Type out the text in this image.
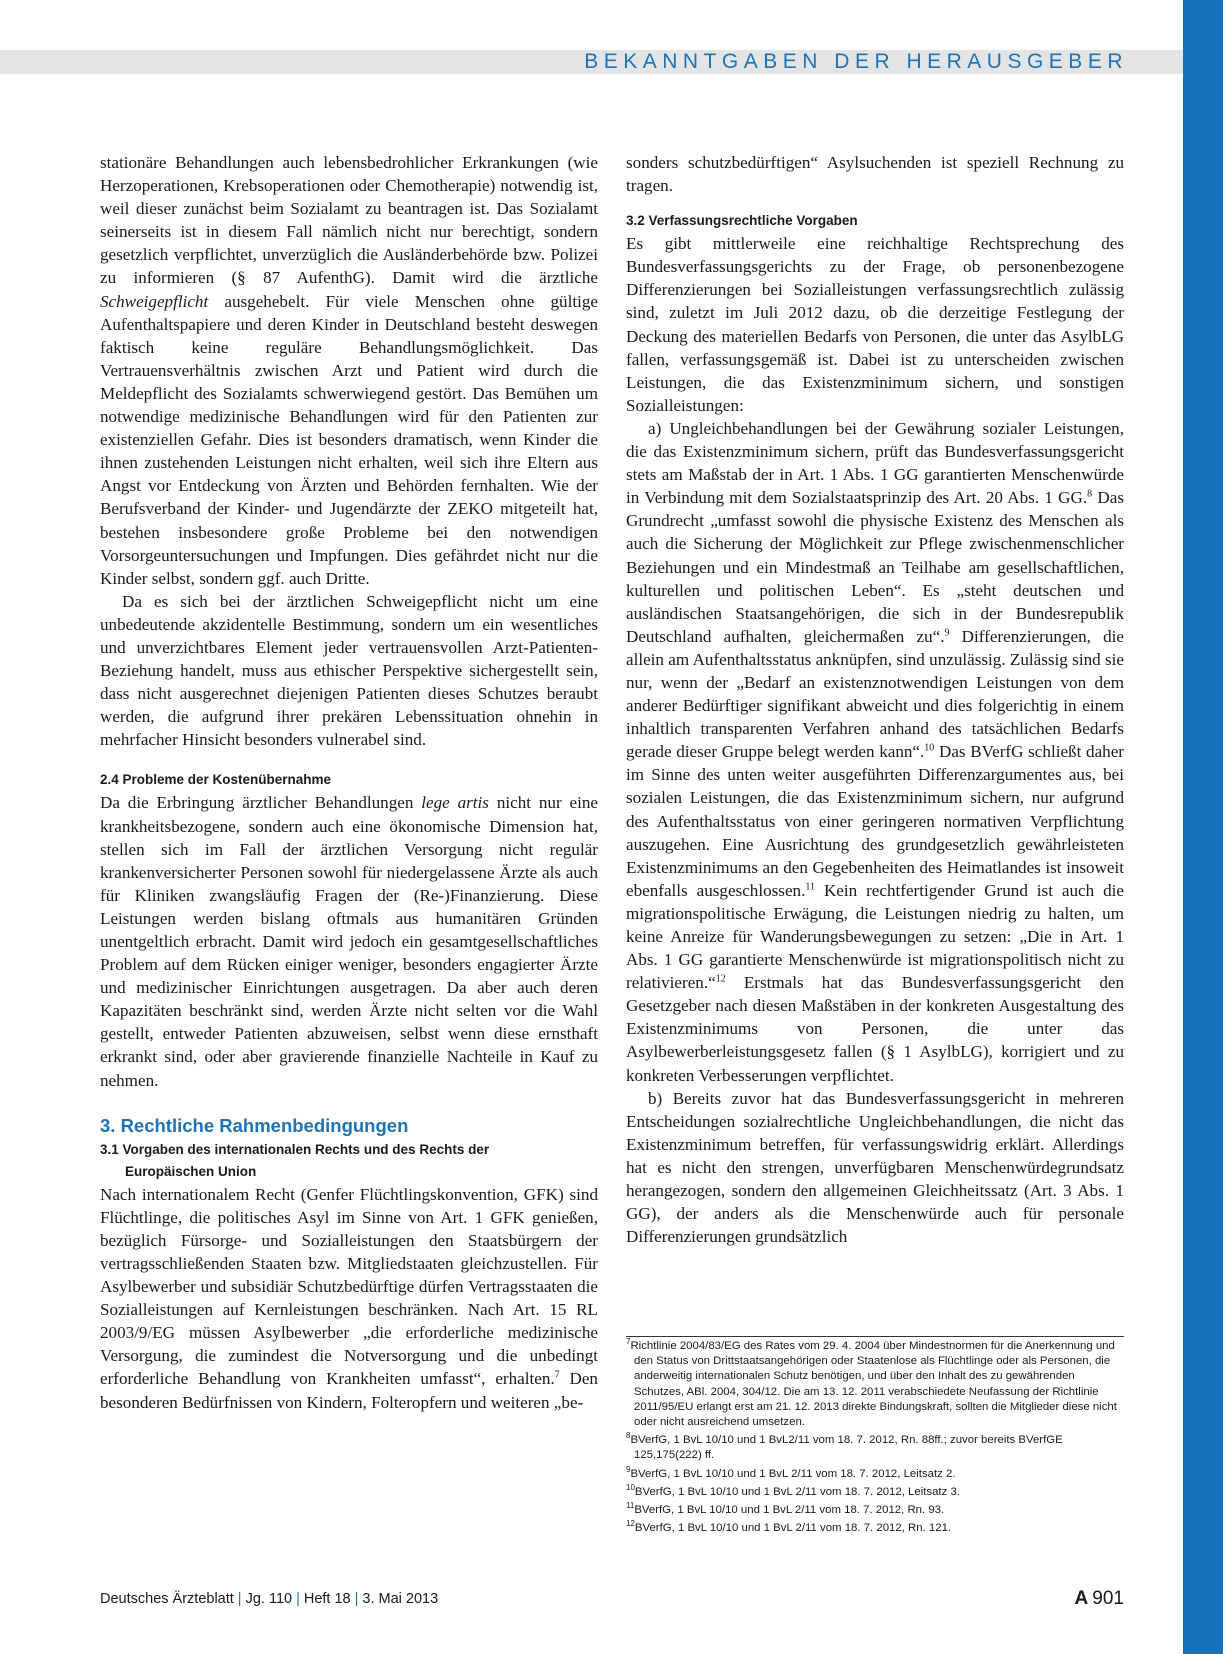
BEKANNTGABEN DER HERAUSGEBER

stationäre Behandlungen auch lebensbedrohlicher Erkrankungen (wie Herzoperationen, Krebsoperationen oder Chemotherapie) notwendig ist, weil dieser zunächst beim Sozialamt zu beantragen ist. Das Sozialamt seinerseits ist in diesem Fall nämlich nicht nur berechtigt, sondern gesetzlich verpflichtet, unverzüglich die Ausländerbehörde bzw. Polizei zu informieren (§ 87 AufenthG). Damit wird die ärztliche Schweigepflicht ausgehebelt. Für viele Menschen ohne gültige Aufenthaltspapiere und deren Kinder in Deutschland besteht deswegen faktisch keine reguläre Behandlungsmöglichkeit. Das Vertrauensverhältnis zwischen Arzt und Patient wird durch die Meldepflicht des Sozialamts schwerwiegend gestört. Das Bemühen um notwendige medizinische Behandlungen wird für den Patienten zur existenziellen Gefahr. Dies ist besonders dramatisch, wenn Kinder die ihnen zustehenden Leistungen nicht erhalten, weil sich ihre Eltern aus Angst vor Entdeckung von Ärzten und Behörden fernhalten. Wie der Berufsverband der Kinder- und Jugendärzte der ZEKO mitgeteilt hat, bestehen insbesondere große Probleme bei den notwendigen Vorsorgeuntersuchungen und Impfungen. Dies gefährdet nicht nur die Kinder selbst, sondern ggf. auch Dritte.

Da es sich bei der ärztlichen Schweigepflicht nicht um eine unbedeutende akzidentelle Bestimmung, sondern um ein wesentliches und unverzichtbares Element jeder vertrauensvollen Arzt-Patienten-Beziehung handelt, muss aus ethischer Perspektive sichergestellt sein, dass nicht ausgerechnet diejenigen Patienten dieses Schutzes beraubt werden, die aufgrund ihrer prekären Lebenssituation ohnehin in mehrfacher Hinsicht besonders vulnerabel sind.

2.4 Probleme der Kostenübernahme

Da die Erbringung ärztlicher Behandlungen lege artis nicht nur eine krankheitsbezogene, sondern auch eine ökonomische Dimension hat, stellen sich im Fall der ärztlichen Versorgung nicht regulär krankenversicherter Personen sowohl für niedergelassene Ärzte als auch für Kliniken zwangsläufig Fragen der (Re-)Finanzierung. Diese Leistungen werden bislang oftmals aus humanitären Gründen unentgeltlich erbracht. Damit wird jedoch ein gesamtgesellschaftliches Problem auf dem Rücken einiger weniger, besonders engagierter Ärzte und medizinischer Einrichtungen ausgetragen. Da aber auch deren Kapazitäten beschränkt sind, werden Ärzte nicht selten vor die Wahl gestellt, entweder Patienten abzuweisen, selbst wenn diese ernsthaft erkrankt sind, oder aber gravierende finanzielle Nachteile in Kauf zu nehmen.

3. Rechtliche Rahmenbedingungen
3.1 Vorgaben des internationalen Rechts und des Rechts der
Europäischen Union

Nach internationalem Recht (Genfer Flüchtlingskonvention, GFK) sind Flüchtlinge, die politisches Asyl im Sinne von Art. 1 GFK genießen, bezüglich Fürsorge- und Sozialleistungen den Staatsbürgern der vertragsschließenden Staaten bzw. Mitgliedstaaten gleichzustellen. Für Asylbewerber und subsidiär Schutzbedürftige dürfen Vertragsstaaten die Sozialleistungen auf Kernleistungen beschränken. Nach Art. 15 RL 2003/9/EG müssen Asylbewerber „die erforderliche medizinische Versorgung, die zumindest die Notversorgung und die unbedingt erforderliche Behandlung von Krankheiten umfasst“, erhalten.$^7$ Den besonderen Bedürfnissen von Kindern, Folteropfern und weiteren „be-

sonders schutzbedürftigen“ Asylsuchenden ist speziell Rechnung zu tragen.

3.2 Verfassungsrechtliche Vorgaben

Es gibt mittlerweile eine reichhaltige Rechtsprechung des Bundesverfassungsgerichts zu der Frage, ob personenbezogene Differenzierungen bei Sozialleistungen verfassungsrechtlich zulässig sind, zuletzt im Juli 2012 dazu, ob die derzeitige Festlegung der Deckung des materiellen Bedarfs von Personen, die unter das AsylbLG fallen, verfassungsgemäß ist. Dabei ist zu unterscheiden zwischen Leistungen, die das Existenzminimum sichern, und sonstigen Sozialleistungen:

a) Ungleichbehandlungen bei der Gewährung sozialer Leistungen, die das Existenzminimum sichern, prüft das Bundesverfassungsgericht stets am Maßstab der in Art. 1 Abs. 1 GG garantierten Menschenwürde in Verbindung mit dem Sozialstaatsprinzip des Art. 20 Abs. 1 GG.$^8$ Das Grundrecht „umfasst sowohl die physische Existenz des Menschen als auch die Sicherung der Möglichkeit zur Pflege zwischenmenschlicher Beziehungen und ein Mindestmaß an Teilhabe am gesellschaftlichen, kulturellen und politischen Leben“. Es „steht deutschen und ausländischen Staatsangehörigen, die sich in der Bundesrepublik Deutschland aufhalten, gleichermaßen zu“.$^9$ Differenzierungen, die allein am Aufenthaltsstatus anknüpfen, sind unzulässig. Zulässig sind sie nur, wenn der „Bedarf an existenznotwendigen Leistungen von dem anderer Bedürftiger signifikant abweicht und dies folgerichtig in einem inhaltlich transparenten Verfahren anhand des tatsächlichen Bedarfs gerade dieser Gruppe belegt werden kann“.$^{10}$ Das BVerfG schließt daher im Sinne des unten weiter ausgeführten Differenzargumentes aus, bei sozialen Leistungen, die das Existenzminimum sichern, nur aufgrund des Aufenthaltsstatus von einer geringeren normativen Verpflichtung auszugehen. Eine Ausrichtung des grundgesetzlich gewährleisteten Existenzminimums an den Gegebenheiten des Heimatlandes ist insoweit ebenfalls ausgeschlossen.$^{11}$ Kein rechtfertigender Grund ist auch die migrationspolitische Erwägung, die Leistungen niedrig zu halten, um keine Anreize für Wanderungsbewegungen zu setzen: „Die in Art. 1 Abs. 1 GG garantierte Menschenwürde ist migrationspolitisch nicht zu relativieren.“$^{12}$ Erstmals hat das Bundesverfassungsgericht den Gesetzgeber nach diesen Maßstäben in der konkreten Ausgestaltung des Existenzminimums von Personen, die unter das Asylbewerberleistungsgesetz fallen (§ 1 AsylbLG), korrigiert und zu konkreten Verbesserungen verpflichtet.

b) Bereits zuvor hat das Bundesverfassungsgericht in mehreren Entscheidungen sozialrechtliche Ungleichbehandlungen, die nicht das Existenzminimum betreffen, für verfassungswidrig erklärt. Allerdings hat es nicht den strengen, unverfügbaren Menschenwürdegrundsatz herangezogen, sondern den allgemeinen Gleichheitssatz (Art. 3 Abs. 1 GG), der anders als die Menschenwürde auch für personale Differenzierungen grundsätzlich

$^7$Richtlinie 2004/83/EG des Rates vom 29. 4. 2004 über Mindestnormen für die Anerkennung und den Status von Drittstaatsangehörigen oder Staatenlose als Flüchtlinge oder als Personen, die anderweitig internationalen Schutz benötigen, und über den Inhalt des zu gewährenden Schutzes, ABl. 2004, 304/12. Die am 13. 12. 2011 verabschiedete Neufassung der Richtlinie 2011/95/EU erlangt erst am 21. 12. 2013 direkte Bindungskraft, sollten die Mitglieder diese nicht oder nicht ausreichend umsetzen.
$^8$BVerfG, 1 BvL 10/10 und 1 BvL2/11 vom 18. 7. 2012, Rn. 88ff.; zuvor bereits BVerfGE 125,175(222) ff.
$^9$BVerfG, 1 BvL 10/10 und 1 BvL 2/11 vom 18. 7. 2012, Leitsatz 2.
$^{10}$BVerfG, 1 BvL 10/10 und 1 BvL 2/11 vom 18. 7. 2012, Leitsatz 3.
$^{11}$BVerfG, 1 BvL 10/10 und 1 BvL 2/11 vom 18. 7. 2012, Rn. 93.
$^{12}$BVerfG, 1 BvL 10/10 und 1 BvL 2/11 vom 18. 7. 2012, Rn. 121.
Deutsches Ärzteblatt | Jg. 110 | Heft 18 | 3. Mai 2013	A 901
